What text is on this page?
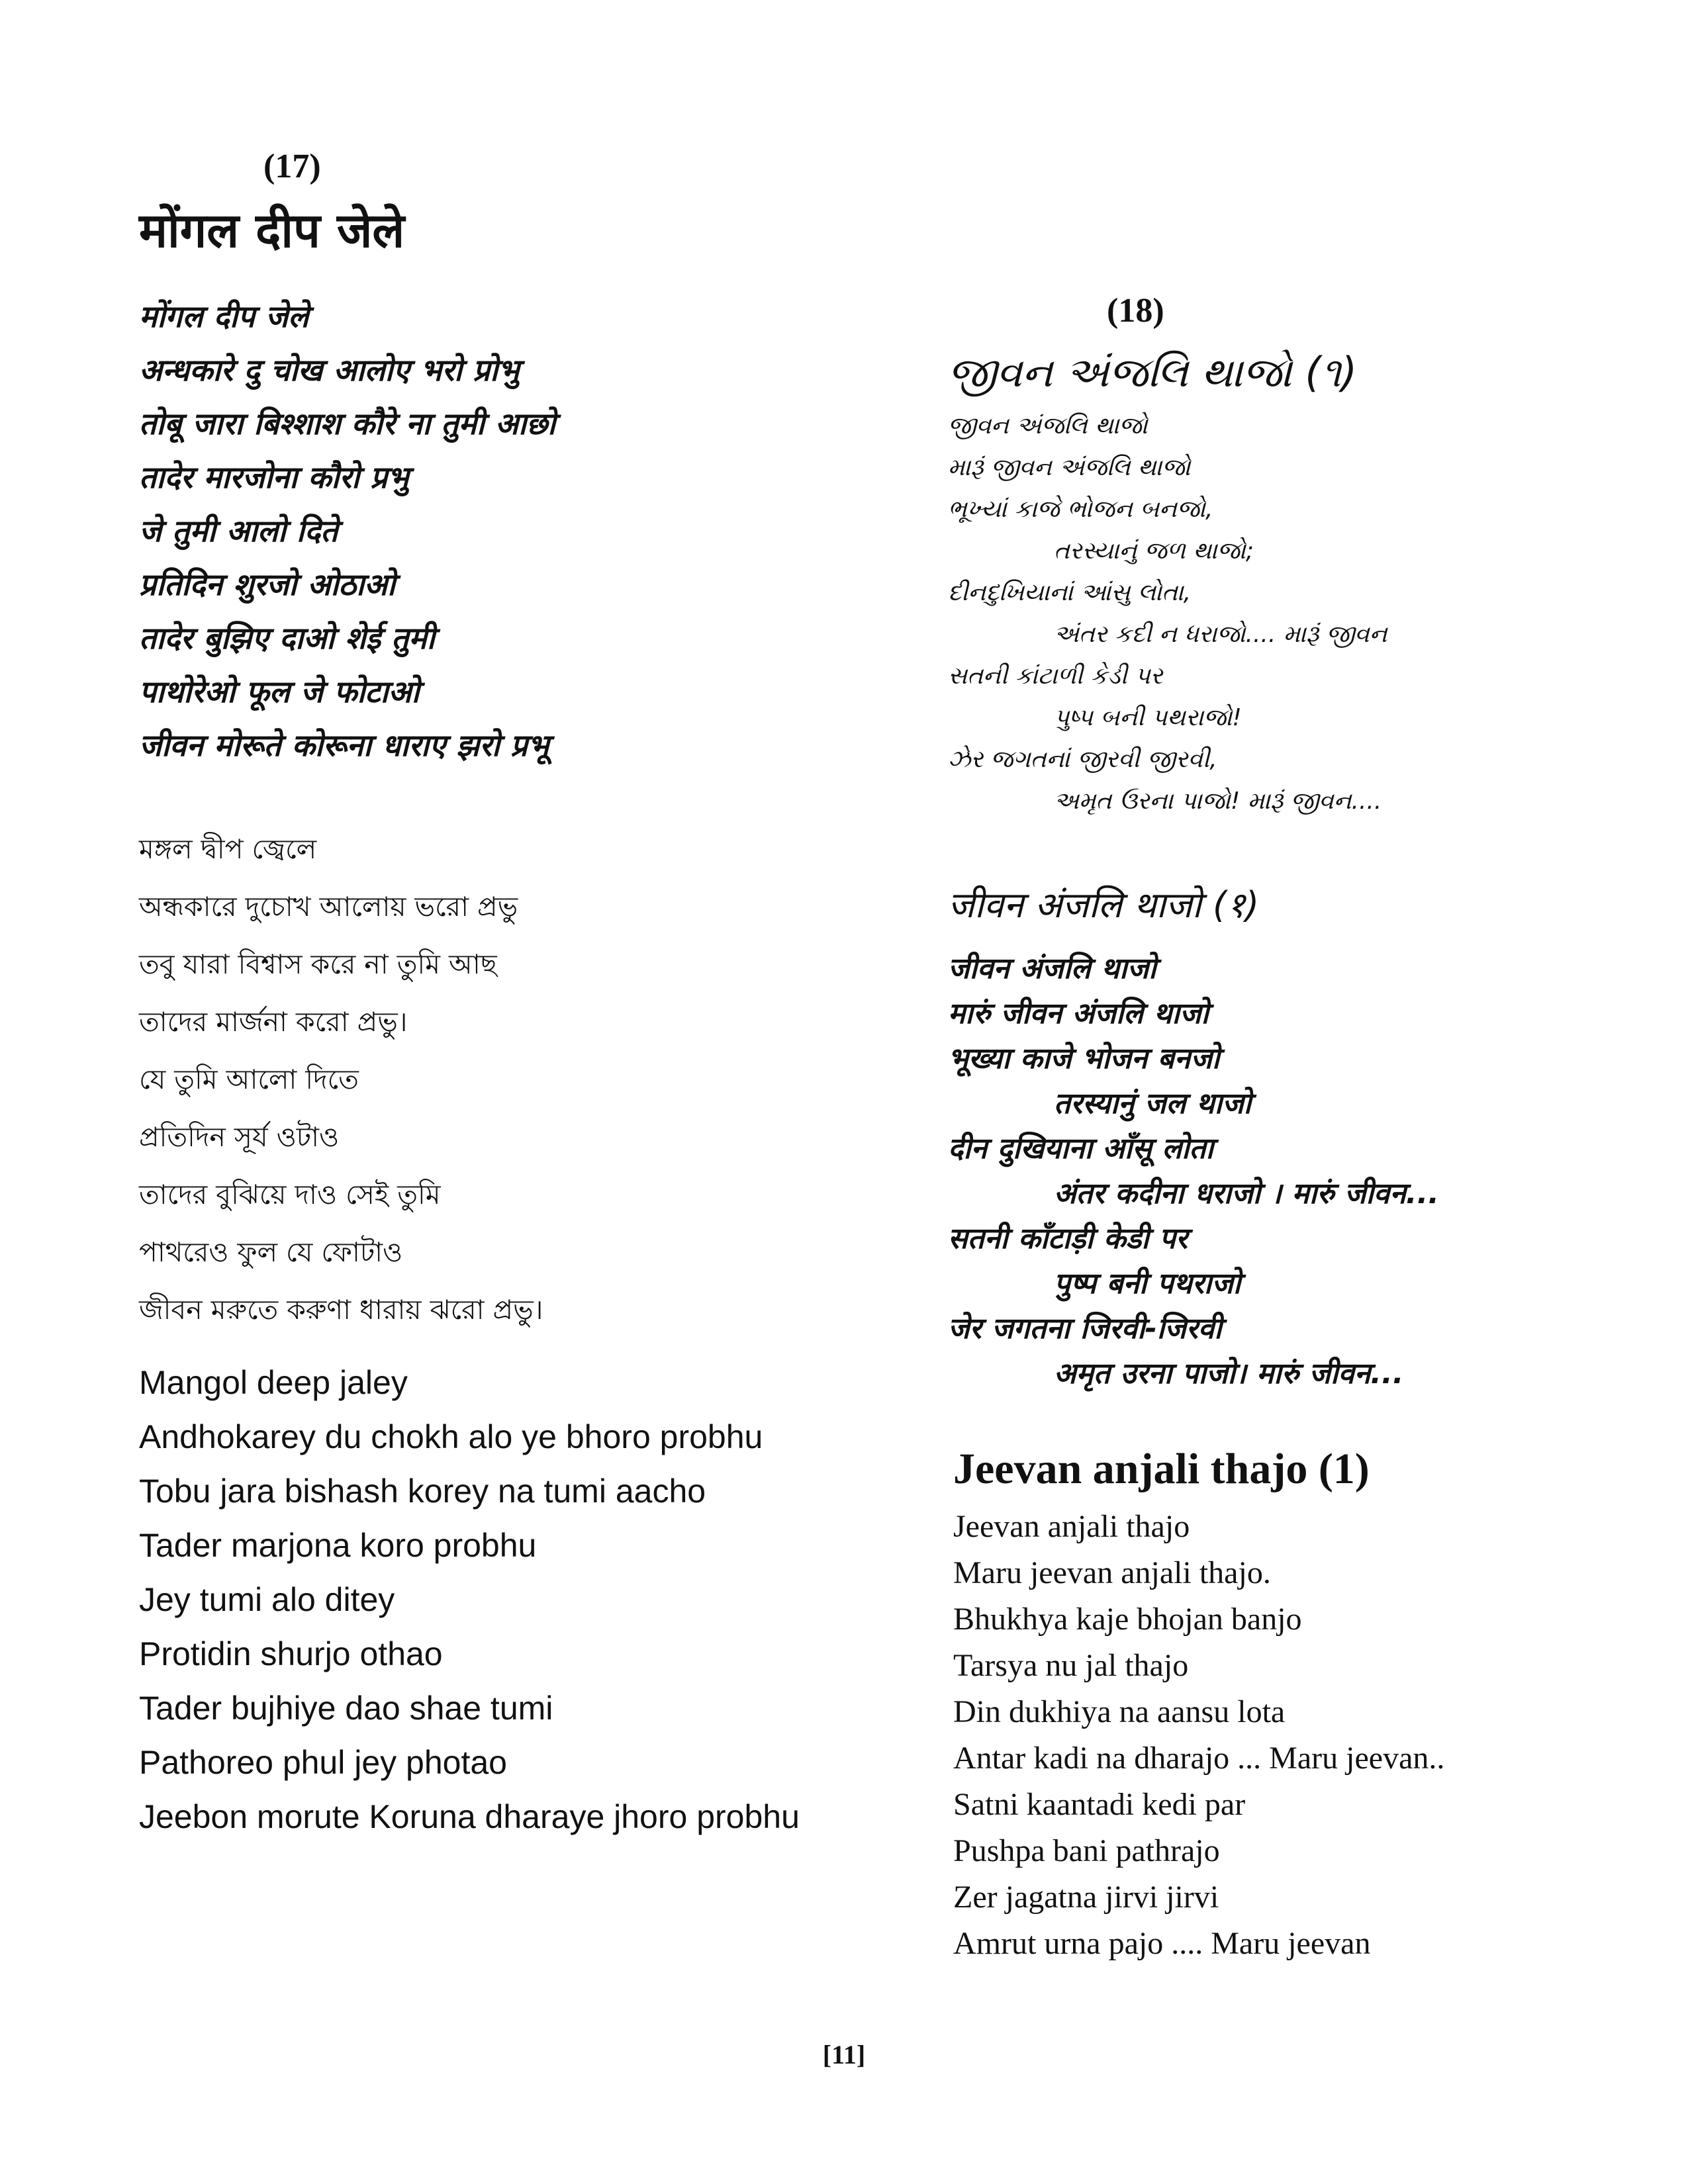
(17)
मोंगल दीप जेले
मोंगल दीप जेले
अन्धकारे दु चोख आलोए भरो प्रोभु
तोबू जारा बिश्शाश कौरे ना तुमी आछो
तादेर मारजोना कौरो प्रभु
जे तुमी आलो दिते
प्रतिदिन शुरजो ओठाओ
तादेर बुझिए दाओ शेई तुमी
पाथोरेओ फूल जे फोटाओ
जीवन मोरूते कोरूना धाराए झरो प्रभू
মঙ্গল দ্বীপ জ্বেলে
অন্ধকারে দুচোখ আলোয় ভরো প্রভু
তবু যারা বিশ্বাস করে না তুমি আছ
তাদের মার্জনা করো প্রভু।
যে তুমি আলো দিতে
প্রতিদিন সূর্য ওটাও
তাদের বুঝিয়ে দাও সেই তুমি
পাথরেও ফুল যে ফোটাও
জীবন মরুতে করুণা ধারায় ঝরো প্রভু।
Mangol deep jaley
Andhokarey du chokh alo ye bhoro probhu
Tobu jara bishash korey na tumi aacho
Tader marjona koro probhu
Jey tumi alo ditey
Protidin shurjo othao
Tader bujhiye dao shae tumi
Pathoreo phul jey photao
Jeebon morute Koruna dharaye jhoro probhu
(18)
જીવન અંજલિ થાજો (૧)
જીવન અંજલિ થાજો
મારૂં જીવન અંજલિ થાજો
ભૂખ્યાં કાજે ભોજન બનજો,
તરસ્યાનું જળ થાજો;
દીનદુખિયાનાં આંસુ લોતા,
અંતર કદી ન ધરાજો.... મારૂં જીવન
સતની કાંટાળી કેડી પર
પુષ્પ બની પથરાજો!
ઝેર જગતનાં જીરવી જીરવી,
અમૃત ઉરના પાજો! મારૂં જીવન....
जीवन अंजलि थाजो (१)
जीवन अंजलि थाजो
मारुं जीवन अंजलि थाजो
भूख्या काजे भोजन बनजो
तरस्यानुं जल थाजो
दीन दुखियाना आँसू लोता
अंतर कदीना धराजो । मारुं जीवन...
सतनी काँटाड़ी केडी पर
पुष्प बनी पथराजो
जेर जगतना जिरवी-जिरवी
अमृत उरना पाजो। मारुं जीवन...
Jeevan anjali thajo (1)
Jeevan anjali thajo
Maru jeevan anjali thajo.
Bhukhya kaje bhojan banjo
Tarsya nu jal thajo
Din dukhiya na aansu lota
Antar kadi na dharajo ... Maru jeevan..
Satni kaantadi kedi par
Pushpa bani pathrajo
Zer jagatna jirvi jirvi
Amrut urna pajo .... Maru jeevan
[11]
